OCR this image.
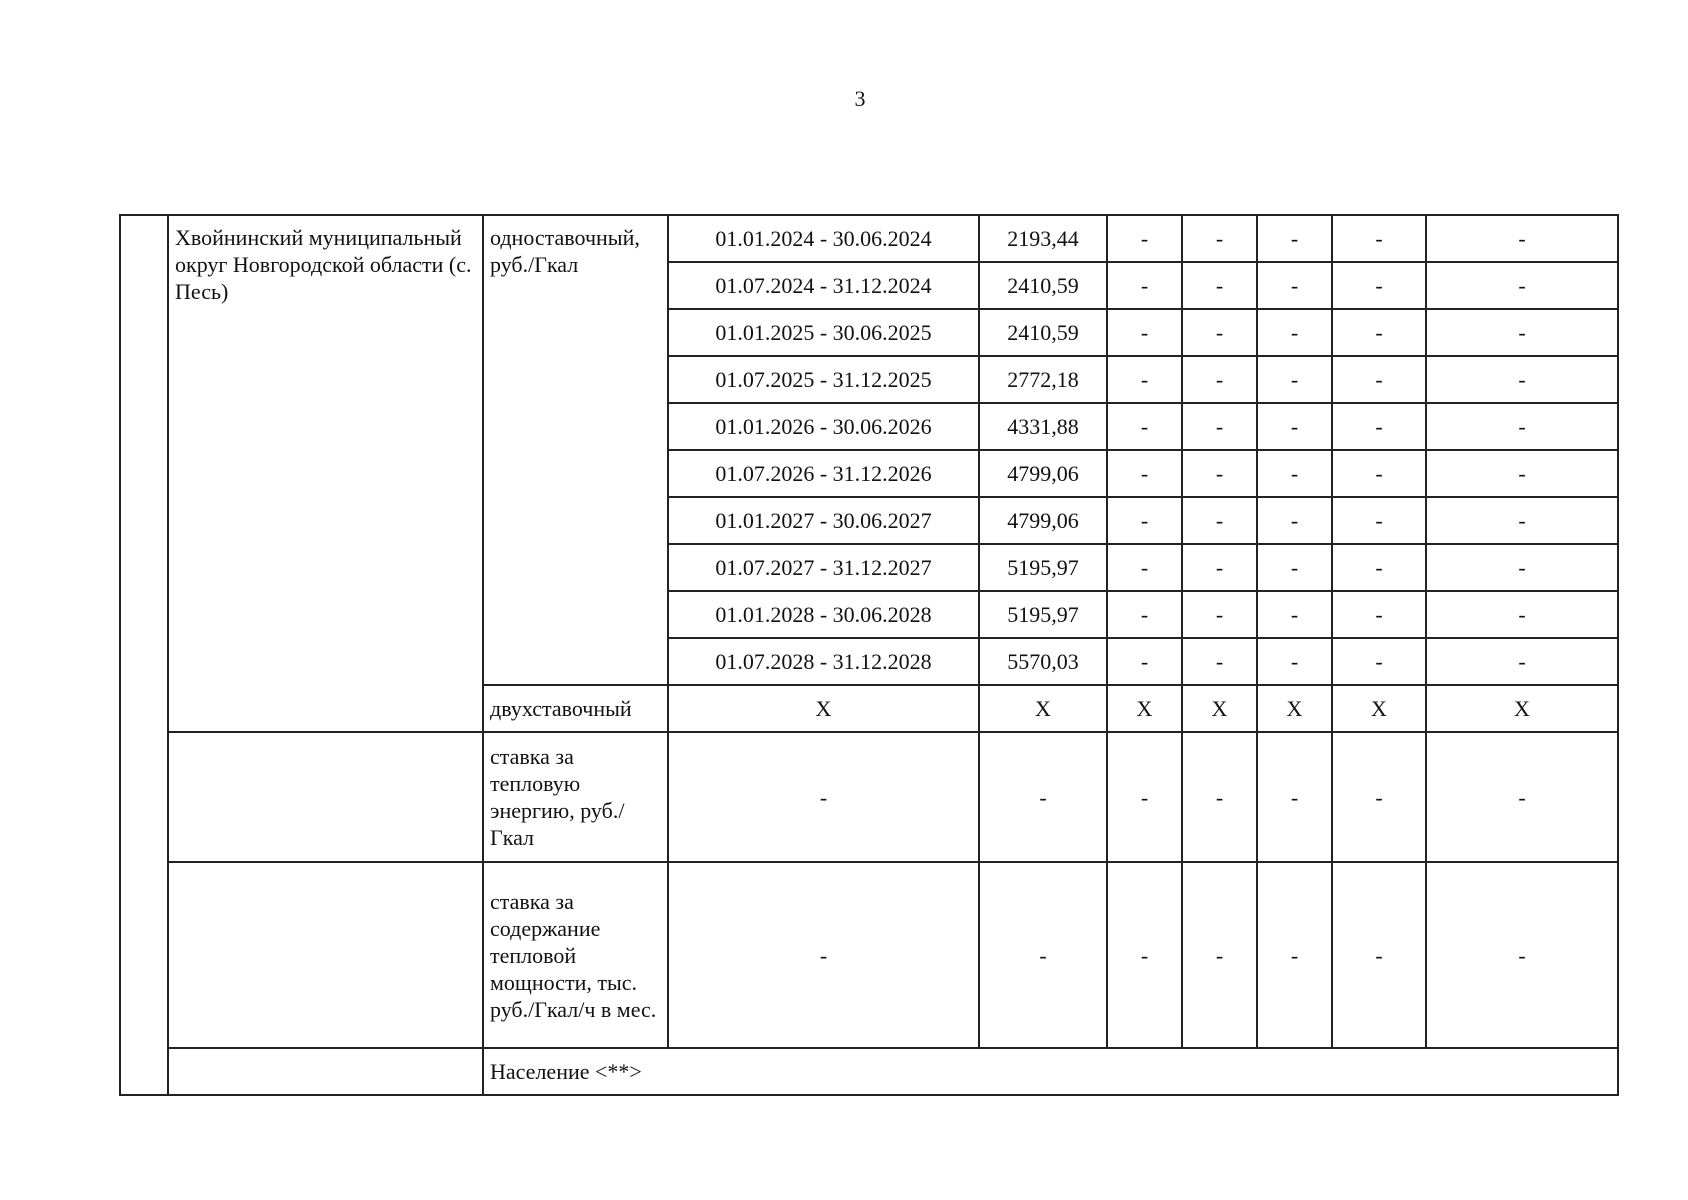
3
	Хвойнинский муниципальный округ Новгородской области (с. Песь)	одноставочный, руб./Гкал	01.01.2024 - 30.06.2024	2193,44	-	-	-	-	-
			01.07.2024 - 31.12.2024	2410,59	-	-	-	-	-
			01.01.2025 - 30.06.2025	2410,59	-	-	-	-	-
			01.07.2025 - 31.12.2025	2772,18	-	-	-	-	-
			01.01.2026 - 30.06.2026	4331,88	-	-	-	-	-
			01.07.2026 - 31.12.2026	4799,06	-	-	-	-	-
			01.01.2027 - 30.06.2027	4799,06	-	-	-	-	-
			01.07.2027 - 31.12.2027	5195,97	-	-	-	-	-
			01.01.2028 - 30.06.2028	5195,97	-	-	-	-	-
			01.07.2028 - 31.12.2028	5570,03	-	-	-	-	-
		двухставочный	X	X	X	X	X	X	X
		ставка за тепловую энергию, руб./Гкал	-	-	-	-	-	-	-
		ставка за содержание тепловой мощности, тыс. руб./Гкал/ч в мес.	-	-	-	-	-	-	-
		Население <**>							
